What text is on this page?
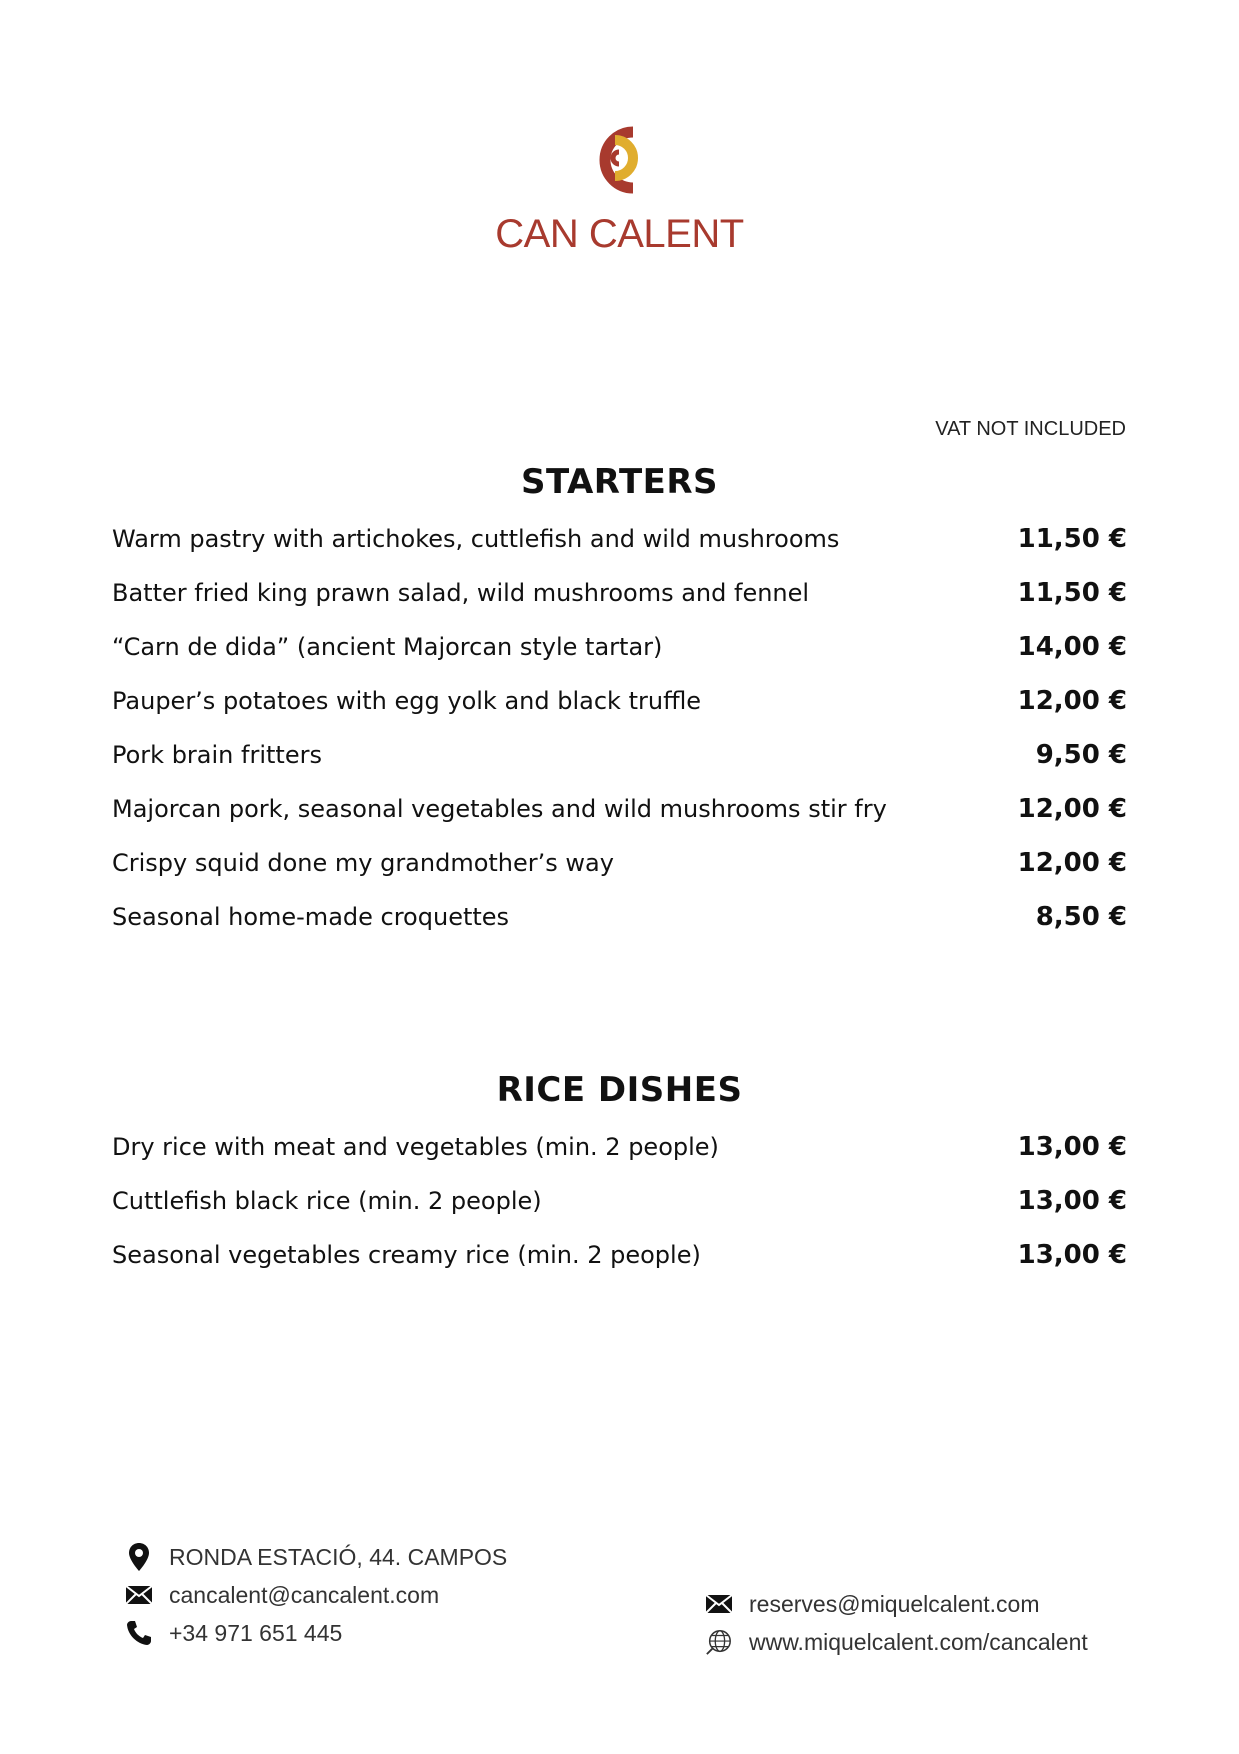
CAN CALENT
VAT NOT INCLUDED
STARTERS
Warm pastry with artichokes, cuttlefish and wild mushrooms	11,50 €
Batter fried king prawn salad, wild mushrooms and fennel	11,50 €
“Carn de dida” (ancient Majorcan style tartar)	14,00 €
Pauper’s potatoes with egg yolk and black truffle	12,00 €
Pork brain fritters	9,50 €
Majorcan pork, seasonal vegetables and wild mushrooms stir fry	12,00 €
Crispy squid done my grandmother’s way	12,00 €
Seasonal home-made croquettes	8,50 €
RICE DISHES
Dry rice with meat and vegetables (min. 2 people)	13,00 €
Cuttlefish black rice (min. 2 people)	13,00 €
Seasonal vegetables creamy rice (min. 2 people)	13,00 €
RONDA ESTACIÓ, 44. CAMPOS
cancalent@cancalent.com
+34 971 651 445
reserves@miquelcalent.com
www.miquelcalent.com/cancalent
